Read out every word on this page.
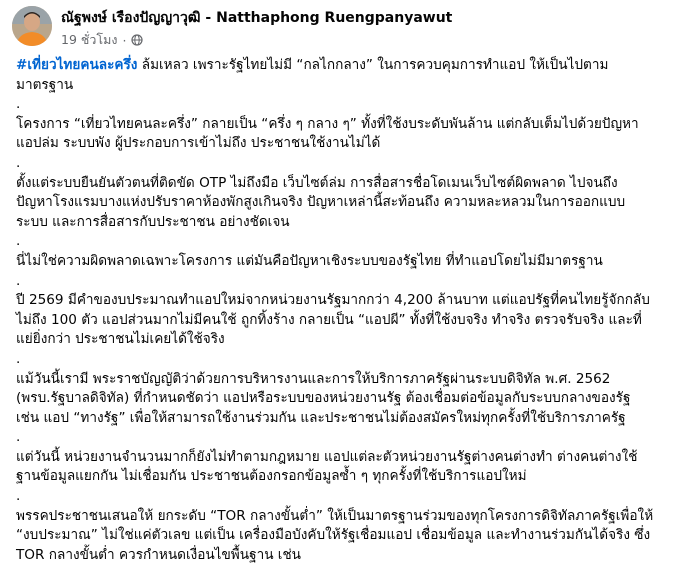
ณัฐพงษ์ เรืองปัญญาวุฒิ - Natthaphong Ruengpanyawut
19 ชั่วโมง ·

#เที่ยวไทยคนละครึ่ง ล้มเหลว เพราะรัฐไทยไม่มี “กลไกกลาง” ในการควบคุมการทำแอป ให้เป็นไปตาม
มาตรฐาน

.

โครงการ “เที่ยวไทยคนละครึ่ง” กลายเป็น “ครึ่ง ๆ กลาง ๆ” ทั้งที่ใช้งบระดับพันล้าน แต่กลับเต็มไปด้วยปัญหา
แอปล่ม ระบบพัง ผู้ประกอบการเข้าไม่ถึง ประชาชนใช้งานไม่ได้

.

ตั้งแต่ระบบยืนยันตัวตนที่ติดขัด OTP ไม่ถึงมือ เว็บไซต์ล่ม การสื่อสารชื่อโดเมนเว็บไซต์ผิดพลาด ไปจนถึง
ปัญหาโรงแรมบางแห่งปรับราคาห้องพักสูงเกินจริง ปัญหาเหล่านี้สะท้อนถึง ความหละหลวมในการออกแบบ
ระบบ และการสื่อสารกับประชาชน อย่างชัดเจน

.

นี่ไม่ใช่ความผิดพลาดเฉพาะโครงการ แต่มันคือปัญหาเชิงระบบของรัฐไทย ที่ทำแอปโดยไม่มีมาตรฐาน

.

ปี 2569 มีคำของบประมาณทำแอปใหม่จากหน่วยงานรัฐมากกว่า 4,200 ล้านบาท แต่แอปรัฐที่คนไทยรู้จักกลับ
ไม่ถึง 100 ตัว แอปส่วนมากไม่มีคนใช้ ถูกทิ้งร้าง กลายเป็น “แอปผี” ทั้งที่ใช้งบจริง ทำจริง ตรวจรับจริง และที่
แย่ยิ่งกว่า ประชาชนไม่เคยได้ใช้จริง

.

แม้วันนี้เรามี พระราชบัญญัติว่าด้วยการบริหารงานและการให้บริการภาครัฐผ่านระบบดิจิทัล พ.ศ. 2562
(พรบ.รัฐบาลดิจิทัล) ที่กำหนดชัดว่า แอปหรือระบบของหน่วยงานรัฐ ต้องเชื่อมต่อข้อมูลกับระบบกลางของรัฐ
เช่น แอป “ทางรัฐ” เพื่อให้สามารถใช้งานร่วมกัน และประชาชนไม่ต้องสมัครใหม่ทุกครั้งที่ใช้บริการภาครัฐ

.

แต่วันนี้ หน่วยงานจำนวนมากก็ยังไม่ทำตามกฎหมาย แอปแต่ละตัวหน่วยงานรัฐต่างคนต่างทำ ต่างคนต่างใช้
ฐานข้อมูลแยกกัน ไม่เชื่อมกัน ประชาชนต้องกรอกข้อมูลซ้ำ ๆ ทุกครั้งที่ใช้บริการแอปใหม่

.

พรรคประชาชนเสนอให้ ยกระดับ “TOR กลางขั้นต่ำ” ให้เป็นมาตรฐานร่วมของทุกโครงการดิจิทัลภาครัฐเพื่อให้
“งบประมาณ” ไม่ใช่แค่ตัวเลข แต่เป็น เครื่องมือบังคับให้รัฐเชื่อมแอป เชื่อมข้อมูล และทำงานร่วมกันได้จริง ซึ่ง
TOR กลางขั้นต่ำ ควรกำหนดเงื่อนไขพื้นฐาน เช่น
